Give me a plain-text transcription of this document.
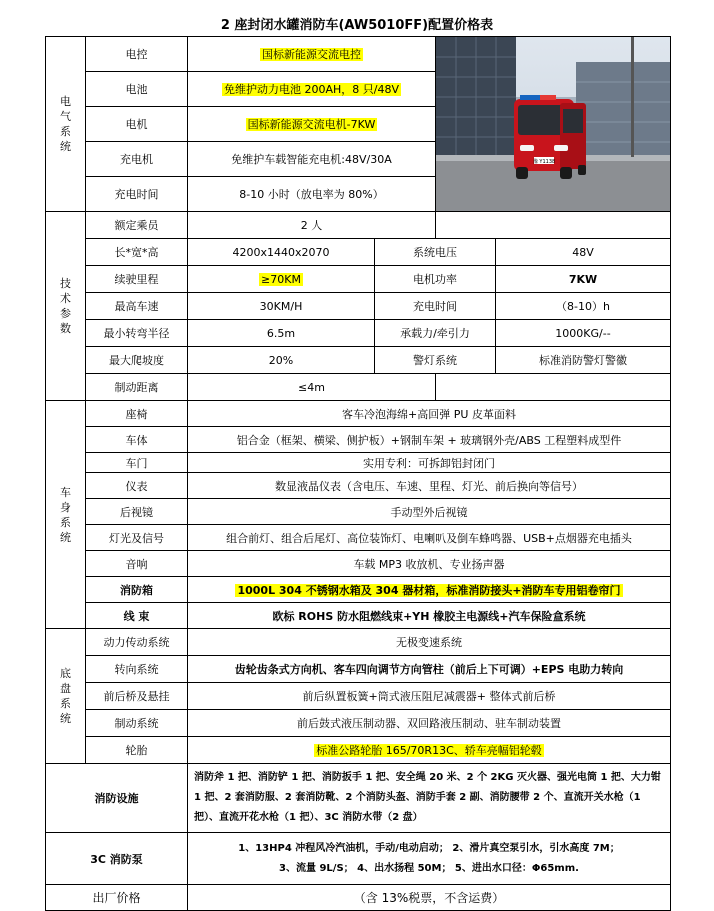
2 座封闭水罐消防车(AW5010FF)配置价格表
电
气
系
统	电控	国标新能源交流电控		豫 Y1138	

	电池	免维护动力电池 200AH，8 只/48V			
	电机	国标新能源交流电机-7KW			
	充电机	免维护车载智能充电机:48V/30A			
	充电时间	8-10 小时（放电率为 80%）			

技
术
参
数	额定乘员	2 人			
	长*宽*高	4200x1440x2070	系统电压		48V
	续驶里程	≥70KM	电机功率		7KW
	最高车速	30KM/H	充电时间		（8-10）h
	最小转弯半径	6.5m	承载力/牵引力		1000KG/--
	最大爬坡度	20%	警灯系统		标准消防警灯警徽
	制动距离	≤4m			

车
身
系
统	座椅	客车冷泡海绵+高回弹 PU 皮革面料			
	车体	铝合金（框架、横梁、侧护板）+钢制车架 + 玻璃钢外壳/ABS 工程塑料成型件			
	车门	实用专利：可拆卸铝封闭门			
	仪表	数显液晶仪表（含电压、车速、里程、灯光、前后换向等信号）			
	后视镜	手动型外后视镜			
	灯光及信号	组合前灯、组合后尾灯、高位装饰灯、电喇叭及倒车蜂鸣器、USB+点烟器充电插头			
	音响	车载 MP3 收放机、专业扬声器			
	消防箱	1000L 304 不锈钢水箱及 304 器材箱，标准消防接头+消防车专用铝卷帘门			
	线 束	欧标 ROHS 防水阻燃线束+YH 橡胶主电源线+汽车保险盒系统			

底
盘
系
统	动力传动系统	无极变速系统			
	转向系统	齿轮齿条式方向机、客车四向调节方向管柱（前后上下可调）+EPS 电助力转向			
	前后桥及悬挂	前后纵置板簧+筒式液压阻尼减震器+ 整体式前后桥			
	制动系统	前后鼓式液压制动器、双回路液压制动、驻车制动装置			
	轮胎	标准公路轮胎 165/70R13C、轿车亮幅铝轮毂			
消防设施		消防斧 1 把、消防铲 1 把、消防扳手 1 把、安全绳 20 米、2 个 2KG 灭火器、强光电筒 1 把、大力钳 1 把、2 套消防服、2 套消防靴、2 个消防头盔、消防手套 2 副、消防腰带 2 个、直流开关水枪（1 把）、直流开花水枪（1 把）、3C 消防水带（2 盘）			
3C 消防泵		1、13HP4 冲程风冷汽油机，手动/电动启动； 2、滑片真空泵引水，引水高度 7M；
3、流量 9L/S； 4、出水扬程 50M； 5、进出水口径：Φ65mm.			

出厂价格		（含 13%税票，不含运费）			
